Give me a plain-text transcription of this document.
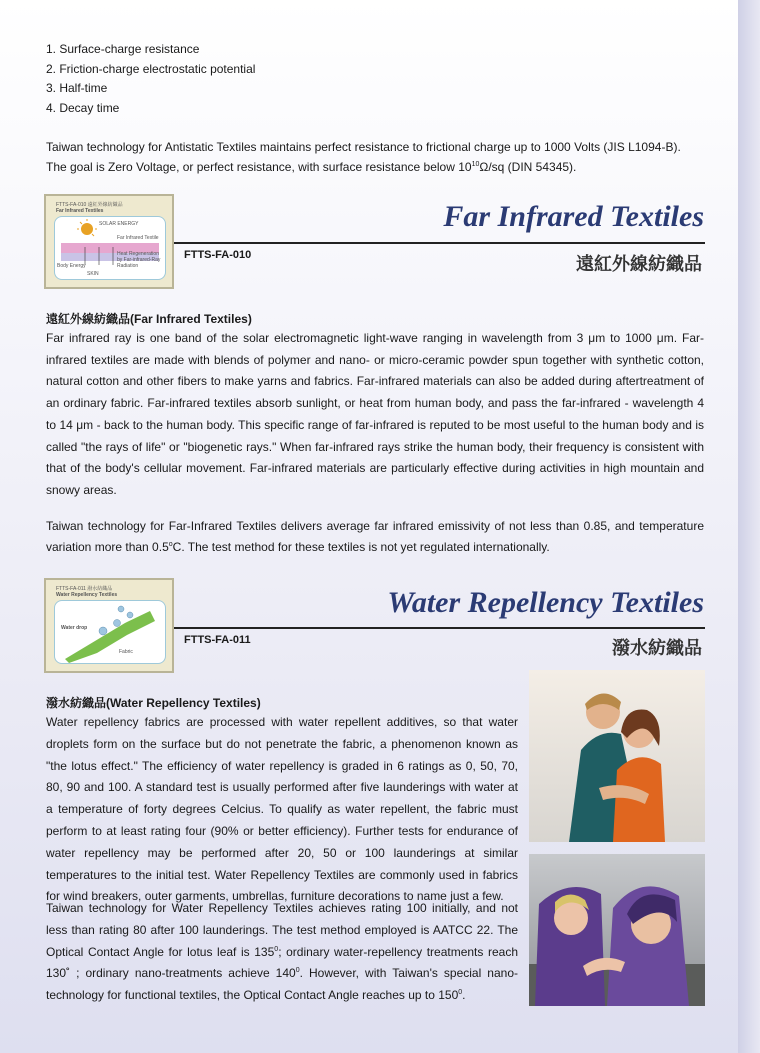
1. Surface-charge resistance
2. Friction-charge electrostatic potential
3. Half-time
4. Decay time
Taiwan technology for Antistatic Textiles maintains perfect resistance to frictional charge up to 1000 Volts (JIS L1094-B).
The goal is Zero Voltage, or perfect resistance, with surface resistance below $10^{10}\Omega/sq$ (DIN 54345).
FTTS-FA-010 遠紅外線紡織品
Far Infrared Textiles
SOLAR ENERGY
Far Infrared Textile
Heat Regeneration by Far-infrared-Ray Radiation
Body Energy
SKIN
Far Infrared Textiles
FTTS-FA-010	遠紅外線紡織品
遠紅外線紡織品(Far Infrared Textiles)

Far infrared ray is one band of the solar electromagnetic light-wave ranging in wavelength from 3 μm to 1000 μm. Far-infrared textiles are made with blends of polymer and nano- or micro-ceramic powder spun together with synthetic cotton, natural cotton and other fibers to make yarns and fabrics. Far-infrared materials can also be added during aftertreatment of an ordinary fabric. Far-infrared textiles absorb sunlight, or heat from human body, and pass the far-infrared - wavelength 4 to 14 μm - back to the human body. This specific range of far-infrared is reputed to be most useful to the human body and is called "the rays of life" or "biogenetic rays." When far-infrared rays strike the human body, their frequency is consistent with that of the body's cellular movement. Far-infrared materials are particularly effective during activities in high mountain and snowy areas.

Taiwan technology for Far-Infrared Textiles delivers average far infrared emissivity of not less than 0.85, and temperature variation more than 0.5$^o$C. The test method for these textiles is not yet regulated internationally.

FTTS-FA-011 潑水紡織品
Water Repellency Textiles
Water drop
Fabric
Water Repellency Textiles
FTTS-FA-011	潑水紡織品
潑水紡織品(Water Repellency Textiles)

Water repellency fabrics are processed with water repellent additives, so that water droplets form on the surface but do not penetrate the fabric, a phenomenon known as "the lotus effect." The efficiency of water repellency is graded in 6 ratings as 0, 50, 70, 80, 90 and 100. A standard test is usually performed after five launderings with water at a temperature of forty degrees Celcius. To qualify as water repellent, the fabric must perform to at least rating four (90% or better efficiency). Further tests for endurance of water repellency may be performed after 20, 50 or 100 launderings at similar temperatures to the initial test. Water Repellency Textiles are commonly used in fabrics for wind breakers, outer garments, umbrellas, furniture decorations to name just a few.

Taiwan technology for Water Repellency Textiles achieves rating 100 initially, and not less than rating 80 after 100 launderings. The test method employed is AATCC 22. The Optical Contact Angle for lotus leaf is $135^0$; ordinary water-repellency treatments reach 130˚ ; ordinary nano-treatments achieve $140^0$. However, with Taiwan's special nano-technology for functional textiles, the Optical Contact Angle reaches up to $150^0$.
